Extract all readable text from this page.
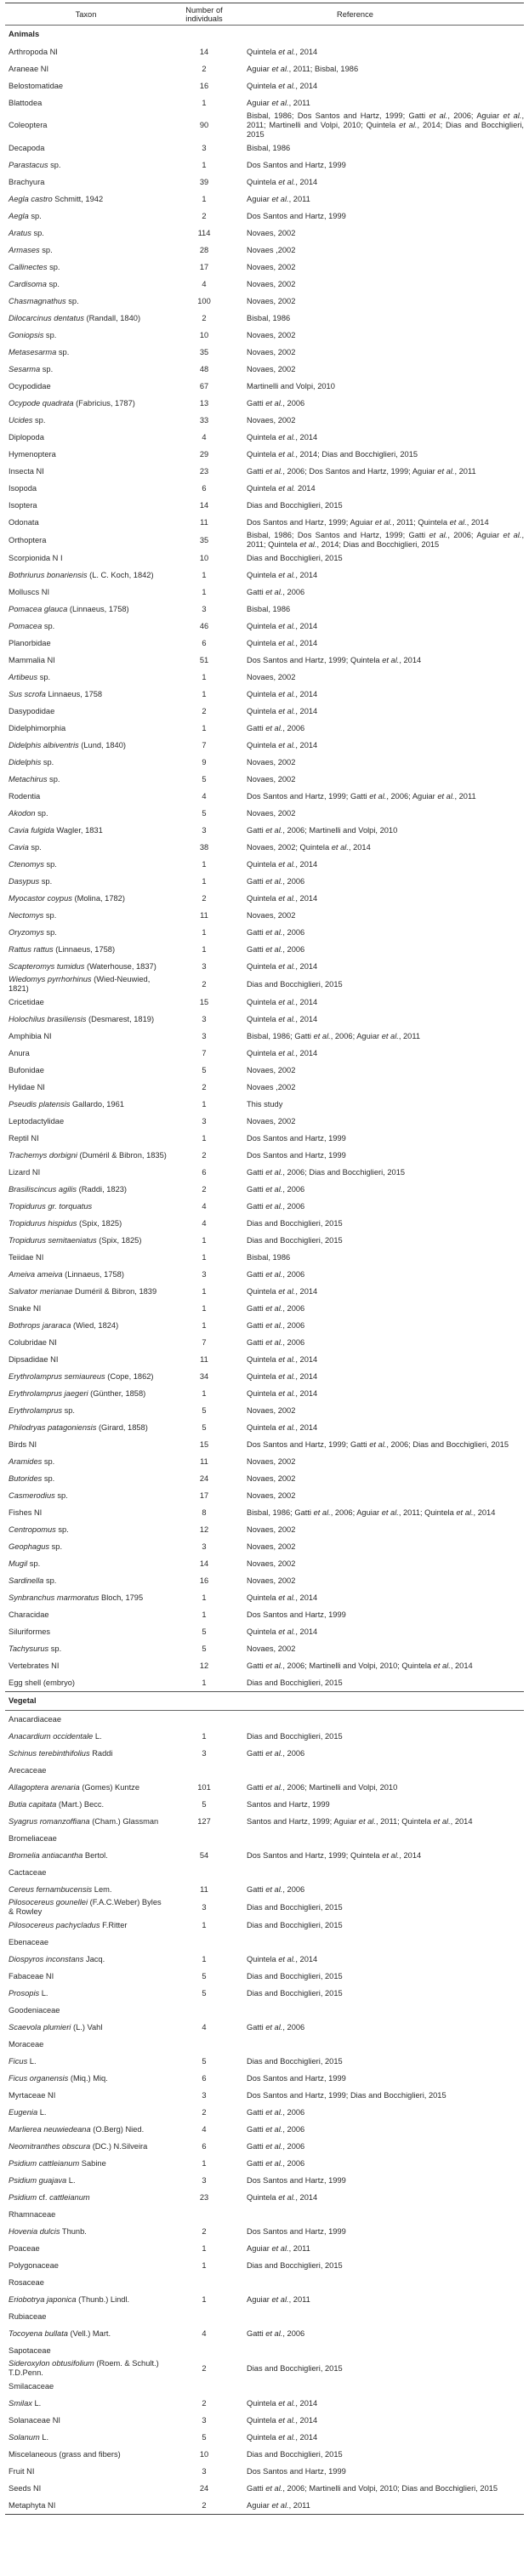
Taxon	Number of individuals	Reference
Animals		
Arthropoda NI	14	Quintela et al., 2014
Araneae NI	2	Aguiar et al., 2011; Bisbal, 1986
Belostomatidae	16	Quintela et al., 2014
Blattodea	1	Aguiar et al., 2011
Coleoptera	90	Bisbal, 1986; Dos Santos and Hartz, 1999; Gatti et al., 2006; Aguiar et al., 2011; Martinelli and Volpi, 2010; Quintela et al., 2014; Dias and Bocchiglieri, 2015
Decapoda	3	Bisbal, 1986
Parastacus sp.	1	Dos Santos and Hartz, 1999
Brachyura	39	Quintela et al., 2014
Aegla castro Schmitt, 1942	1	Aguiar et al., 2011
Aegla sp.	2	Dos Santos and Hartz, 1999
Aratus sp.	114	Novaes, 2002
Armases sp.	28	Novaes ,2002
Callinectes sp.	17	Novaes, 2002
Cardisoma sp.	4	Novaes, 2002
Chasmagnathus sp.	100	Novaes, 2002
Dilocarcinus dentatus (Randall, 1840)	2	Bisbal, 1986
Goniopsis sp.	10	Novaes, 2002
Metasesarma sp.	35	Novaes, 2002
Sesarma sp.	48	Novaes, 2002
Ocypodidae	67	Martinelli and Volpi, 2010
Ocypode quadrata (Fabricius, 1787)	13	Gatti et al., 2006
Ucides sp.	33	Novaes, 2002
Diplopoda	4	Quintela et al., 2014
Hymenoptera	29	Quintela et al., 2014; Dias and Bocchiglieri, 2015
Insecta NI	23	Gatti et al., 2006; Dos Santos and Hartz, 1999; Aguiar et al., 2011
Isopoda	6	Quintela et al. 2014
Isoptera	14	Dias and Bocchiglieri, 2015
Odonata	11	Dos Santos and Hartz, 1999; Aguiar et al., 2011; Quintela et al., 2014
Orthoptera	35	Bisbal, 1986; Dos Santos and Hartz, 1999; Gatti et al., 2006; Aguiar et al., 2011; Quintela et al., 2014; Dias and Bocchiglieri, 2015
Scorpionida N I	10	Dias and Bocchiglieri, 2015
Bothriurus bonariensis (L. C. Koch, 1842)	1	Quintela et al., 2014
Molluscs NI	1	Gatti et al., 2006
Pomacea glauca (Linnaeus, 1758)	3	Bisbal, 1986
Pomacea sp.	46	Quintela et al., 2014
Planorbidae	6	Quintela et al., 2014
Mammalia NI	51	Dos Santos and Hartz, 1999; Quintela et al., 2014
Artibeus sp.	1	Novaes, 2002
Sus scrofa Linnaeus, 1758	1	Quintela et al., 2014
Dasypodidae	2	Quintela et al., 2014
Didelphimorphia	1	Gatti et al., 2006
Didelphis albiventris (Lund, 1840)	7	Quintela et al., 2014
Didelphis sp.	9	Novaes, 2002
Metachirus sp.	5	Novaes, 2002
Rodentia	4	Dos Santos and Hartz, 1999; Gatti et al., 2006; Aguiar et al., 2011
Akodon sp.	5	Novaes, 2002
Cavia fulgida Wagler, 1831	3	Gatti et al., 2006; Martinelli and Volpi, 2010
Cavia sp.	38	Novaes, 2002; Quintela et al., 2014
Ctenomys sp.	1	Quintela et al., 2014
Dasypus sp.	1	Gatti et al., 2006
Myocastor coypus (Molina, 1782)	2	Quintela et al., 2014
Nectomys sp.	11	Novaes, 2002
Oryzomys sp.	1	Gatti et al., 2006
Rattus rattus (Linnaeus, 1758)	1	Gatti et al., 2006
Scapteromys tumidus (Waterhouse, 1837)	3	Quintela et al., 2014
Wiedomys pyrrhorhinus (Wied-Neuwied, 1821)	2	Dias and Bocchiglieri, 2015
Cricetidae	15	Quintela et al., 2014
Holochilus brasiliensis (Desmarest, 1819)	3	Quintela et al., 2014
Amphibia NI	3	Bisbal, 1986; Gatti et al., 2006; Aguiar et al., 2011
Anura	7	Quintela et al., 2014
Bufonidae	5	Novaes, 2002
Hylidae NI	2	Novaes ,2002
Pseudis platensis Gallardo, 1961	1	This study
Leptodactylidae	3	Novaes, 2002
Reptil NI	1	Dos Santos and Hartz, 1999
Trachemys dorbigni (Duméril & Bibron, 1835)	2	Dos Santos and Hartz, 1999
Lizard NI	6	Gatti et al., 2006; Dias and Bocchiglieri, 2015
Brasiliscincus agilis (Raddi, 1823)	2	Gatti et al., 2006
Tropidurus gr. torquatus	4	Gatti et al., 2006
Tropidurus hispidus (Spix, 1825)	4	Dias and Bocchiglieri, 2015
Tropidurus semitaeniatus (Spix, 1825)	1	Dias and Bocchiglieri, 2015
Teiidae NI	1	Bisbal, 1986
Ameiva ameiva (Linnaeus, 1758)	3	Gatti et al., 2006
Salvator merianae Duméril & Bibron, 1839	1	Quintela et al., 2014
Snake NI	1	Gatti et al., 2006
Bothrops jararaca (Wied, 1824)	1	Gatti et al., 2006
Colubridae NI	7	Gatti et al., 2006
Dipsadidae NI	11	Quintela et al., 2014
Erythrolamprus semiaureus (Cope, 1862)	34	Quintela et al., 2014
Erythrolamprus jaegeri (Günther, 1858)	1	Quintela et al., 2014
Erythrolamprus sp.	5	Novaes, 2002
Philodryas patagoniensis (Girard, 1858)	5	Quintela et al., 2014
Birds NI	15	Dos Santos and Hartz, 1999; Gatti et al., 2006; Dias and Bocchiglieri, 2015
Aramides sp.	11	Novaes, 2002
Butorides sp.	24	Novaes, 2002
Casmerodius sp.	17	Novaes, 2002
Fishes NI	8	Bisbal, 1986; Gatti et al., 2006; Aguiar et al., 2011; Quintela et al., 2014
Centropomus sp.	12	Novaes, 2002
Geophagus sp.	3	Novaes, 2002
Mugil sp.	14	Novaes, 2002
Sardinella sp.	16	Novaes, 2002
Synbranchus marmoratus Bloch, 1795	1	Quintela et al., 2014
Characidae	1	Dos Santos and Hartz, 1999
Siluriformes	5	Quintela et al., 2014
Tachysurus sp.	5	Novaes, 2002
Vertebrates NI	12	Gatti et al., 2006; Martinelli and Volpi, 2010; Quintela et al., 2014
Egg shell (embryo)	1	Dias and Bocchiglieri, 2015
Vegetal		
Anacardiaceae		
Anacardium occidentale L.	1	Dias and Bocchiglieri, 2015
Schinus terebinthifolius Raddi	3	Gatti et al., 2006
Arecaceae		
Allagoptera arenaria (Gomes) Kuntze	101	Gatti et al., 2006; Martinelli and Volpi, 2010
Butia capitata (Mart.) Becc.	5	Santos and Hartz, 1999
Syagrus romanzoffiana (Cham.) Glassman	127	Santos and Hartz, 1999; Aguiar et al., 2011; Quintela et al., 2014
Bromeliaceae		
Bromelia antiacantha Bertol.	54	Dos Santos and Hartz, 1999; Quintela et al., 2014
Cactaceae		
Cereus fernambucensis Lem.	11	Gatti et al., 2006
Pilosocereus gounellei (F.A.C.Weber) Byles & Rowley	3	Dias and Bocchiglieri, 2015
Pilosocereus pachycladus F.Ritter	1	Dias and Bocchiglieri, 2015
Ebenaceae		
Diospyros inconstans Jacq.	1	Quintela et al., 2014
Fabaceae NI	5	Dias and Bocchiglieri, 2015
Prosopis L.	5	Dias and Bocchiglieri, 2015
Goodeniaceae		
Scaevola plumieri (L.) Vahl	4	Gatti et al., 2006
Moraceae		
Ficus L.	5	Dias and Bocchiglieri, 2015
Ficus organensis (Miq.) Miq.	6	Dos Santos and Hartz, 1999
Myrtaceae NI	3	Dos Santos and Hartz, 1999; Dias and Bocchiglieri, 2015
Eugenia L.	2	Gatti et al., 2006
Marlierea neuwiedeana (O.Berg) Nied.	4	Gatti et al., 2006
Neomitranthes obscura (DC.) N.Silveira	6	Gatti et al., 2006
Psidium cattleianum Sabine	1	Gatti et al., 2006
Psidium guajava L.	3	Dos Santos and Hartz, 1999
Psidium cf. cattleianum	23	Quintela et al., 2014
Rhamnaceae		
Hovenia dulcis Thunb.	2	Dos Santos and Hartz, 1999
Poaceae	1	Aguiar et al., 2011
Polygonaceae	1	Dias and Bocchiglieri, 2015
Rosaceae		
Eriobotrya japonica (Thunb.) Lindl.	1	Aguiar et al., 2011
Rubiaceae		
Tocoyena bullata (Vell.) Mart.	4	Gatti et al., 2006
Sapotaceae		
Sideroxylon obtusifolium (Roem. & Schult.) T.D.Penn.	2	Dias and Bocchiglieri, 2015
Smilacaceae		
Smilax L.	2	Quintela et al., 2014
Solanaceae NI	3	Quintela et al., 2014
Solanum L.	5	Quintela et al., 2014
Miscelaneous (grass and fibers)	10	Dias and Bocchiglieri, 2015
Fruit NI	3	Dos Santos and Hartz, 1999
Seeds NI	24	Gatti et al., 2006; Martinelli and Volpi, 2010; Dias and Bocchiglieri, 2015
Metaphyta NI	2	Aguiar et al., 2011
